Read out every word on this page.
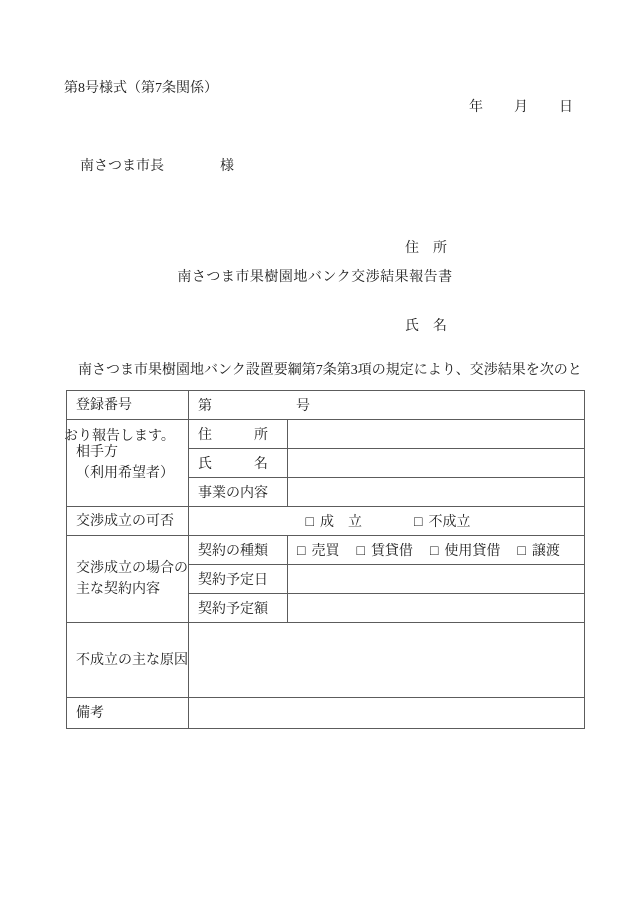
第8号様式（第7条関係）
年　　月　　日
南さつま市長　　　　様

住　所

氏　名

南さつま市果樹園地バンク交渉結果報告書

　南さつま市果樹園地バンク設置要綱第7条第3項の規定により、交渉結果を次のと

おり報告します。

登録番号	第　　　　　　号	
相手方
（利用希望者）	住　　　所	
	氏　　　名	
	事業の内容	
交渉成立の可否	□ 成　立 □ 不成立	
交渉成立の場合の
主な契約内容	契約の種類	□ 売買 □ 賃貸借 □ 使用貸借 □ 譲渡
	契約予定日	
	契約予定額	
不成立の主な原因		
備考		
